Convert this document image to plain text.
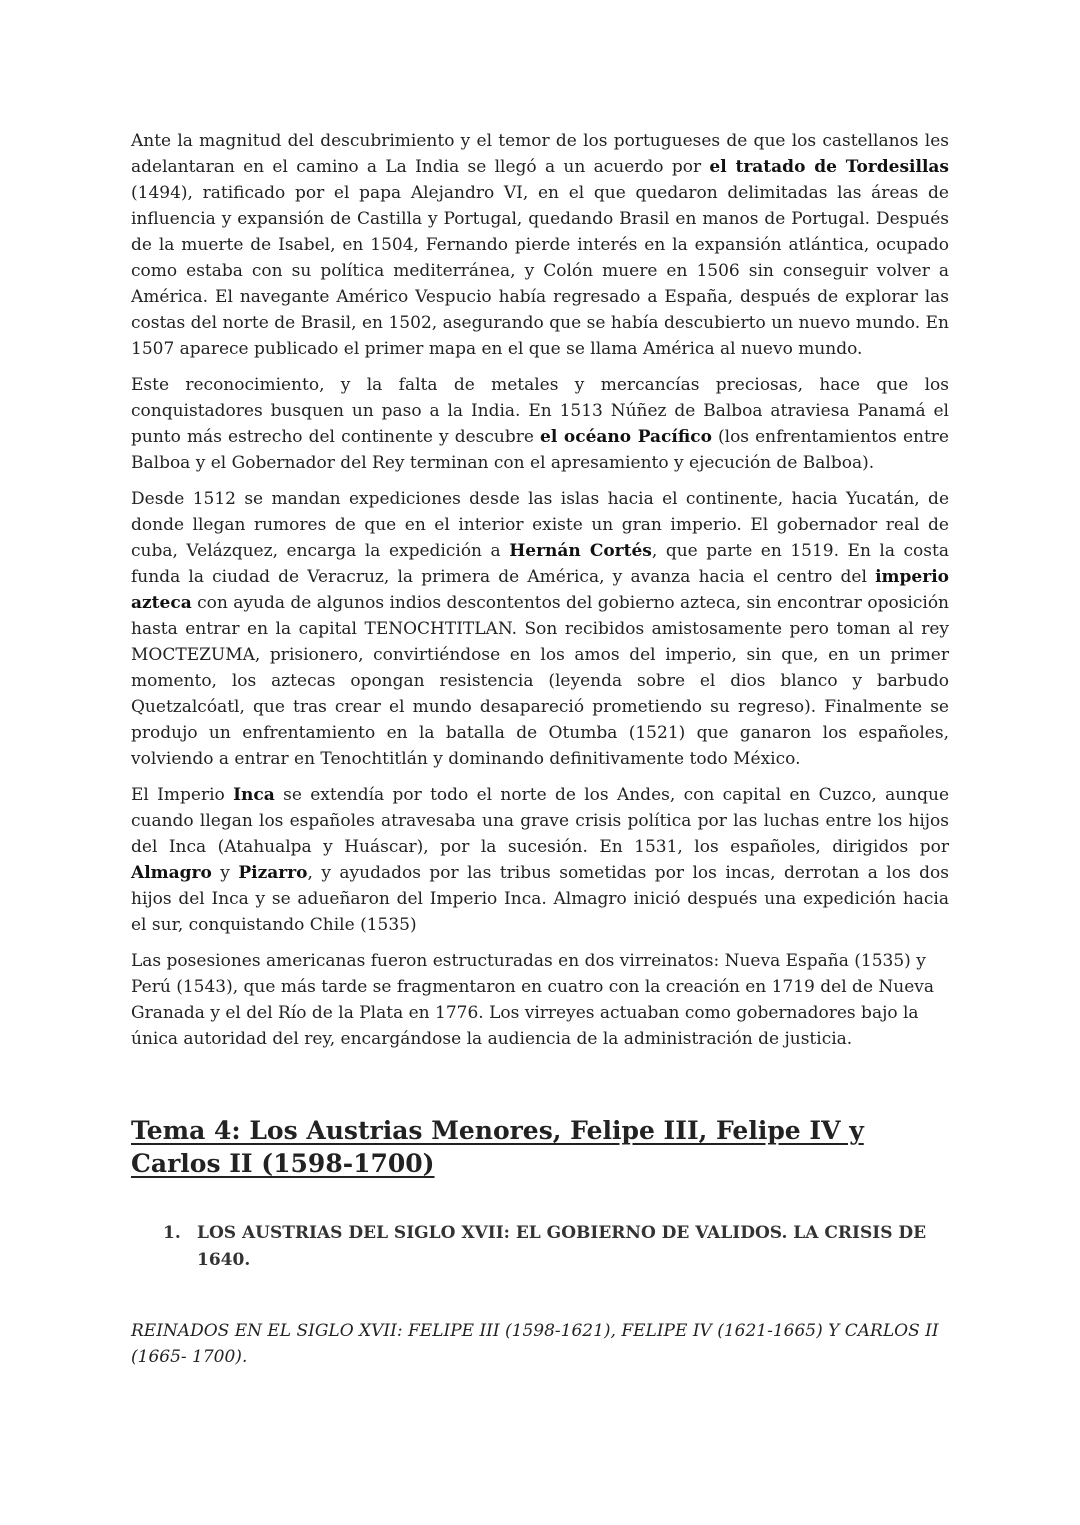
Ante la magnitud del descubrimiento y el temor de los portugueses de que los castellanos les adelantaran en el camino a La India se llegó a un acuerdo por el tratado de Tordesillas (1494), ratificado por el papa Alejandro VI, en el que quedaron delimitadas las áreas de influencia y expansión de Castilla y Portugal, quedando Brasil en manos de Portugal. Después de la muerte de Isabel, en 1504, Fernando pierde interés en la expansión atlántica, ocupado como estaba con su política mediterránea, y Colón muere en 1506 sin conseguir volver a América. El navegante Américo Vespucio había regresado a España, después de explorar las costas del norte de Brasil, en 1502, asegurando que se había descubierto un nuevo mundo. En 1507 aparece publicado el primer mapa en el que se llama América al nuevo mundo.

Este reconocimiento, y la falta de metales y mercancías preciosas, hace que los conquistadores busquen un paso a la India. En 1513 Núñez de Balboa atraviesa Panamá el punto más estrecho del continente y descubre el océano Pacífico (los enfrentamientos entre Balboa y el Gobernador del Rey terminan con el apresamiento y ejecución de Balboa).

Desde 1512 se mandan expediciones desde las islas hacia el continente, hacia Yucatán, de donde llegan rumores de que en el interior existe un gran imperio. El gobernador real de cuba, Velázquez, encarga la expedición a Hernán Cortés, que parte en 1519. En la costa funda la ciudad de Veracruz, la primera de América, y avanza hacia el centro del imperio azteca con ayuda de algunos indios descontentos del gobierno azteca, sin encontrar oposición hasta entrar en la capital TENOCHTITLAN. Son recibidos amistosamente pero toman al rey MOCTEZUMA, prisionero, convirtiéndose en los amos del imperio, sin que, en un primer momento, los aztecas opongan resistencia (leyenda sobre el dios blanco y barbudo Quetzalcóatl, que tras crear el mundo desapareció prometiendo su regreso). Finalmente se produjo un enfrentamiento en la batalla de Otumba (1521) que ganaron los españoles, volviendo a entrar en Tenochtitlán y dominando definitivamente todo México.

El Imperio Inca se extendía por todo el norte de los Andes, con capital en Cuzco, aunque cuando llegan los españoles atravesaba una grave crisis política por las luchas entre los hijos del Inca (Atahualpa y Huáscar), por la sucesión. En 1531, los españoles, dirigidos por Almagro y Pizarro, y ayudados por las tribus sometidas por los incas, derrotan a los dos hijos del Inca y se adueñaron del Imperio Inca. Almagro inició después una expedición hacia el sur, conquistando Chile (1535)

Las posesiones americanas fueron estructuradas en dos virreinatos: Nueva España (1535) y Perú (1543), que más tarde se fragmentaron en cuatro con la creación en 1719 del de Nueva Granada y el del Río de la Plata en 1776. Los virreyes actuaban como gobernadores bajo la única autoridad del rey, encargándose la audiencia de la administración de justicia.

Tema 4: Los Austrias Menores, Felipe III, Felipe IV y Carlos II (1598-1700)
1. LOS AUSTRIAS DEL SIGLO XVII: EL GOBIERNO DE VALIDOS. LA CRISIS DE 1640.

REINADOS EN EL SIGLO XVII: FELIPE III (1598-1621), FELIPE IV (1621-1665) Y CARLOS II (1665- 1700).
